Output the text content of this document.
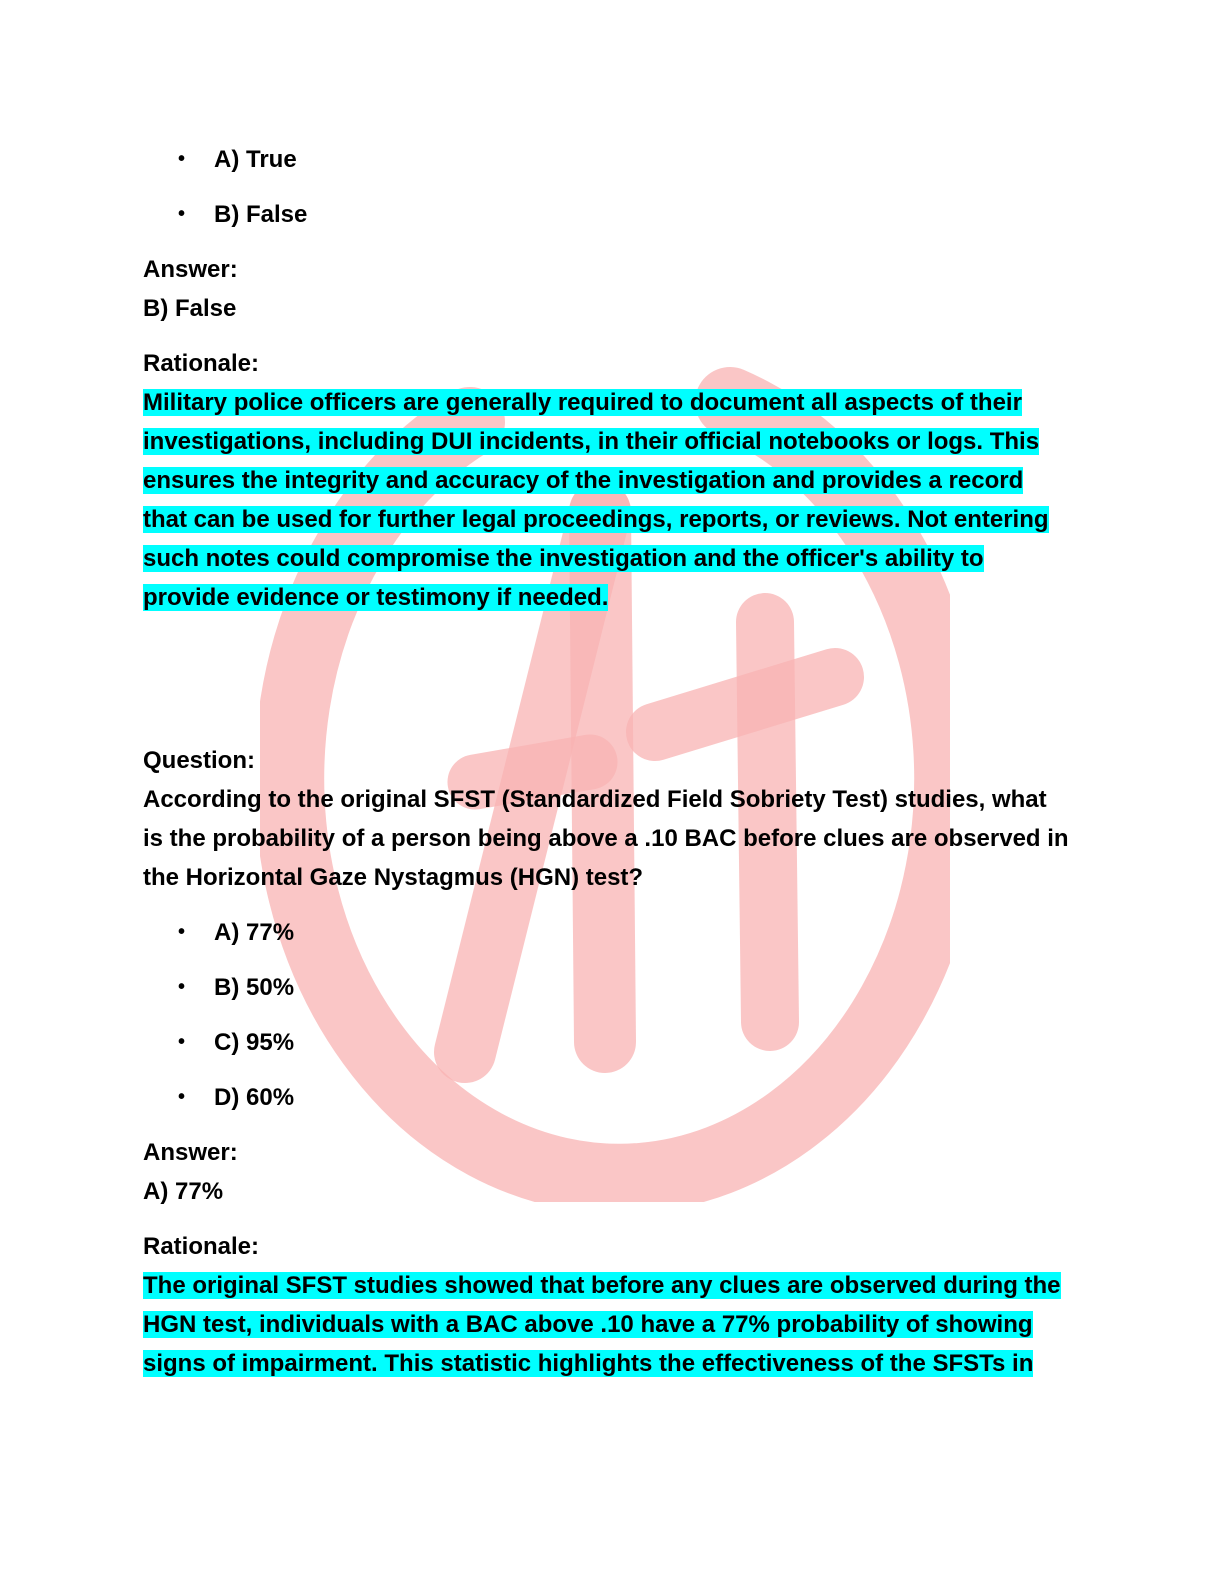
• A) True
• B) False
Answer:
B) False
Rationale:

Military police officers are generally required to document all aspects of their investigations, including DUI incidents, in their official notebooks or logs. This ensures the integrity and accuracy of the investigation and provides a record that can be used for further legal proceedings, reports, or reviews. Not entering such notes could compromise the investigation and the officer's ability to provide evidence or testimony if needed.

Question:

According to the original SFST (Standardized Field Sobriety Test) studies, what is the probability of a person being above a .10 BAC before clues are observed in the Horizontal Gaze Nystagmus (HGN) test?

• A) 77%
• B) 50%
• C) 95%
• D) 60%
Answer:
A) 77%
Rationale:

The original SFST studies showed that before any clues are observed during the HGN test, individuals with a BAC above .10 have a 77% probability of showing signs of impairment. This statistic highlights the effectiveness of the SFSTs in
